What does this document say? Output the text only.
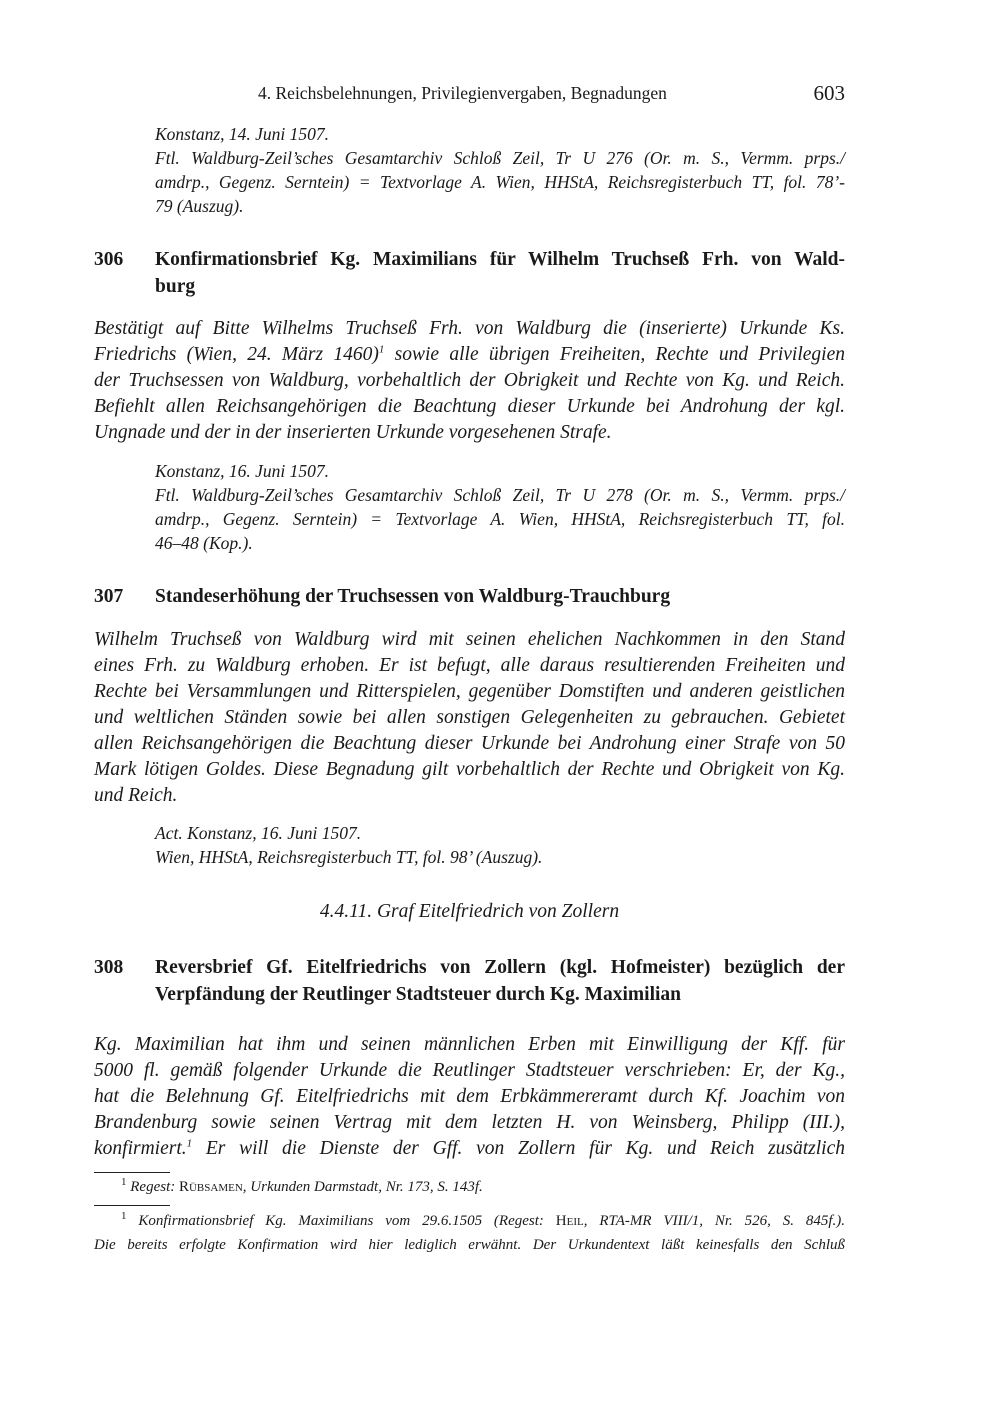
4. Reichsbelehnungen, Privilegienvergaben, Begnadungen	603
Konstanz, 14. Juni 1507.
Ftl. Waldburg-Zeil’sches Gesamtarchiv Schloß Zeil, Tr U 276 (Or. m. S., Vermm. prps./
amdrp., Gegenz. Serntein) = Textvorlage A. Wien, HHStA, Reichsregisterbuch TT, fol. 78’-
79 (Auszug).
306 Konfirmationsbrief Kg. Maximilians für Wilhelm Truchseß Frh. von Wald-
burg
Bestätigt auf Bitte Wilhelms Truchseß Frh. von Waldburg die (inserierte) Urkunde Ks.
Friedrichs (Wien, 24. März 1460)$^1$ sowie alle übrigen Freiheiten, Rechte und Privilegien
der Truchsessen von Waldburg, vorbehaltlich der Obrigkeit und Rechte von Kg. und Reich.
Befiehlt allen Reichsangehörigen die Beachtung dieser Urkunde bei Androhung der kgl.
Ungnade und der in der inserierten Urkunde vorgesehenen Strafe.
Konstanz, 16. Juni 1507.
Ftl. Waldburg-Zeil’sches Gesamtarchiv Schloß Zeil, Tr U 278 (Or. m. S., Vermm. prps./
amdrp., Gegenz. Serntein) = Textvorlage A. Wien, HHStA, Reichsregisterbuch TT, fol.
46–48 (Kop.).
307 Standeserhöhung der Truchsessen von Waldburg-Trauchburg
Wilhelm Truchseß von Waldburg wird mit seinen ehelichen Nachkommen in den Stand
eines Frh. zu Waldburg erhoben. Er ist befugt, alle daraus resultierenden Freiheiten und
Rechte bei Versammlungen und Ritterspielen, gegenüber Domstiften und anderen geistlichen
und weltlichen Ständen sowie bei allen sonstigen Gelegenheiten zu gebrauchen. Gebietet
allen Reichsangehörigen die Beachtung dieser Urkunde bei Androhung einer Strafe von 50
Mark lötigen Goldes. Diese Begnadung gilt vorbehaltlich der Rechte und Obrigkeit von Kg.
und Reich.
Act. Konstanz, 16. Juni 1507.
Wien, HHStA, Reichsregisterbuch TT, fol. 98’ (Auszug).
4.4.11. Graf Eitelfriedrich von Zollern
308 Reversbrief Gf. Eitelfriedrichs von Zollern (kgl. Hofmeister) bezüglich der
Verpfändung der Reutlinger Stadtsteuer durch Kg. Maximilian
Kg. Maximilian hat ihm und seinen männlichen Erben mit Einwilligung der Kff. für
5000 fl. gemäß folgender Urkunde die Reutlinger Stadtsteuer verschrieben: Er, der Kg.,
hat die Belehnung Gf. Eitelfriedrichs mit dem Erbkämmereramt durch Kf. Joachim von
Brandenburg sowie seinen Vertrag mit dem letzten H. von Weinsberg, Philipp (III.),
konfirmiert.$^1$ Er will die Dienste der Gff. von Zollern für Kg. und Reich zusätzlich
$^1$ Regest: Rübsamen, Urkunden Darmstadt, Nr. 173, S. 143f.
$^1$ Konfirmationsbrief Kg. Maximilians vom 29.6.1505 (Regest: Heil, RTA-MR VIII/1, Nr. 526, S. 845f.).
Die bereits erfolgte Konfirmation wird hier lediglich erwähnt. Der Urkundentext läßt keinesfalls den Schluß
